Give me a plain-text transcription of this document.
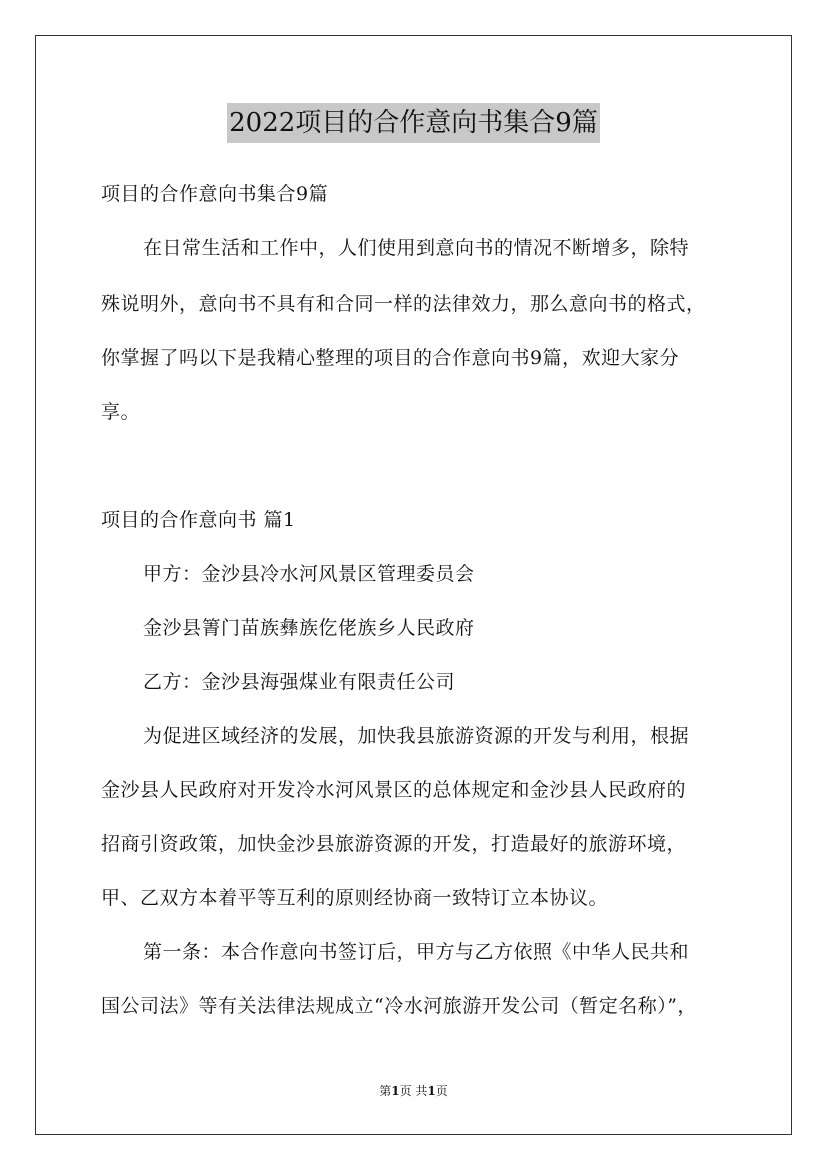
2022项目的合作意向书集合9篇
项目的合作意向书集合9篇
在日常生活和工作中，人们使用到意向书的情况不断增多，除特
殊说明外，意向书不具有和合同一样的法律效力，那么意向书的格式，
你掌握了吗以下是我精心整理的项目的合作意向书9篇，欢迎大家分
享。
项目的合作意向书 篇1
甲方：金沙县冷水河风景区管理委员会
金沙县箐门苗族彝族仡佬族乡人民政府
乙方：金沙县海强煤业有限责任公司
为促进区域经济的发展，加快我县旅游资源的开发与利用，根据
金沙县人民政府对开发冷水河风景区的总体规定和金沙县人民政府的
招商引资政策，加快金沙县旅游资源的开发，打造最好的旅游环境，
甲、乙双方本着平等互利的原则经协商一致特订立本协议。
第一条：本合作意向书签订后，甲方与乙方依照《中华人民共和
国公司法》等有关法律法规成立“冷水河旅游开发公司（暂定名称）”，
第1页 共1页
